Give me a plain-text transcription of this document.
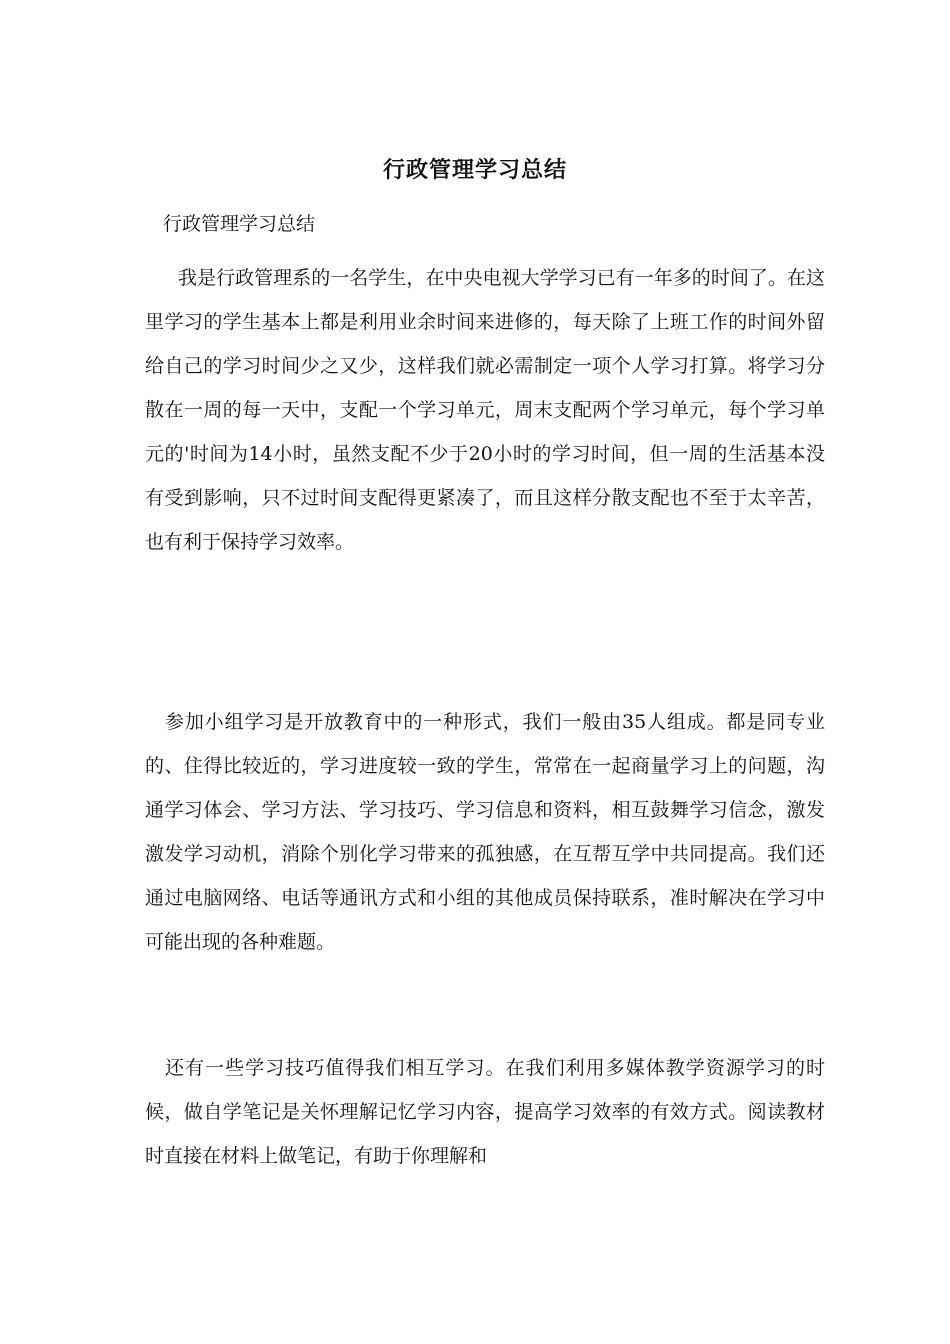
行政管理学习总结
行政管理学习总结

我是行政管理系的一名学生，在中央电视大学学习已有一年多的时间了。在这里学习的学生基本上都是利用业余时间来进修的，每天除了上班工作的时间外留给自己的学习时间少之又少，这样我们就必需制定一项个人学习打算。将学习分散在一周的每一天中，支配一个学习单元，周末支配两个学习单元，每个学习单元的'时间为14小时，虽然支配不少于20小时的学习时间，但一周的生活基本没有受到影响，只不过时间支配得更紧凑了，而且这样分散支配也不至于太辛苦，也有利于保持学习效率。

参加小组学习是开放教育中的一种形式，我们一般由35人组成。都是同专业的、住得比较近的，学习进度较一致的学生，常常在一起商量学习上的问题，沟通学习体会、学习方法、学习技巧、学习信息和资料，相互鼓舞学习信念，激发激发学习动机，消除个别化学习带来的孤独感，在互帮互学中共同提高。我们还通过电脑网络、电话等通讯方式和小组的其他成员保持联系，准时解决在学习中可能出现的各种难题。

还有一些学习技巧值得我们相互学习。在我们利用多媒体教学资源学习的时候，做自学笔记是关怀理解记忆学习内容，提高学习效率的有效方式。阅读教材时直接在材料上做笔记，有助于你理解和
